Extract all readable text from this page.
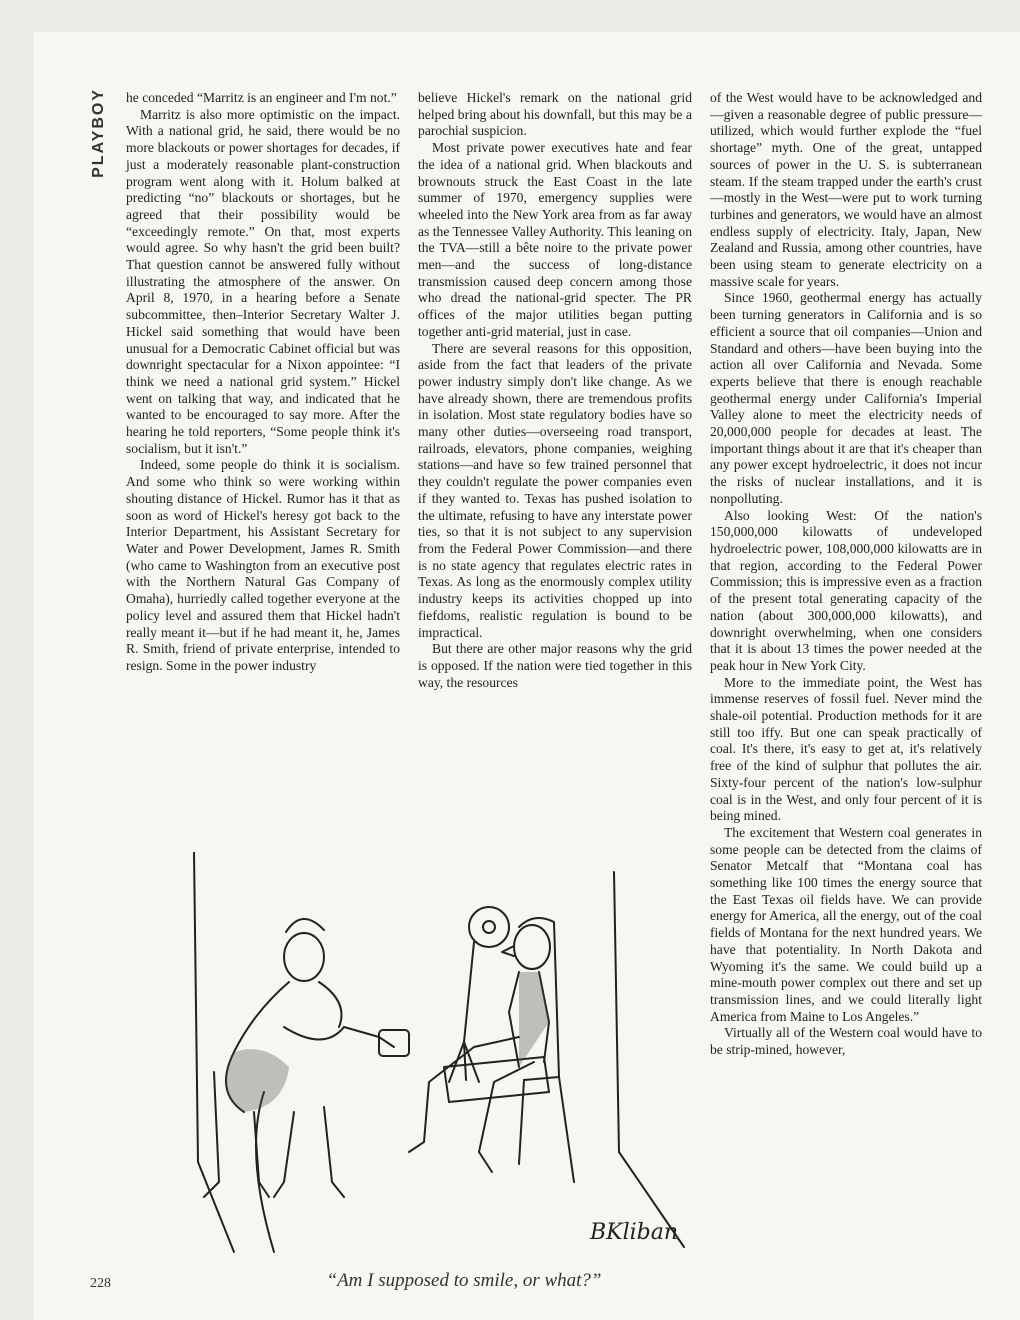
PLAYBOY he conceded “Marritz is an engineer and I'm not.”

Marritz is also more optimistic on the impact. With a national grid, he said, there would be no more blackouts or power shortages for decades, if just a moderately reasonable plant-construction program went along with it. Holum balked at predicting “no” blackouts or shortages, but he agreed that their possibility would be “exceedingly remote.” On that, most experts would agree. So why hasn't the grid been built? That question cannot be answered fully without illustrating the atmosphere of the answer. On April 8, 1970, in a hearing before a Senate subcommittee, then–Interior Secretary Walter J. Hickel said something that would have been unusual for a Democratic Cabinet official but was downright spectacular for a Nixon appointee: “I think we need a national grid system.” Hickel went on talking that way, and indicated that he wanted to be encouraged to say more. After the hearing he told reporters, “Some people think it's socialism, but it isn't.”

Indeed, some people do think it is socialism. And some who think so were working within shouting distance of Hickel. Rumor has it that as soon as word of Hickel's heresy got back to the Interior Department, his Assistant Secretary for Water and Power Development, James R. Smith (who came to Washington from an executive post with the Northern Natural Gas Company of Omaha), hurriedly called together everyone at the policy level and assured them that Hickel hadn't really meant it—but if he had meant it, he, James R. Smith, friend of private enterprise, intended to resign. Some in the power industry

believe Hickel's remark on the national grid helped bring about his downfall, but this may be a parochial suspicion.

Most private power executives hate and fear the idea of a national grid. When blackouts and brownouts struck the East Coast in the late summer of 1970, emergency supplies were wheeled into the New York area from as far away as the Tennessee Valley Authority. This leaning on the TVA—still a bête noire to the private power men—and the success of long-distance transmission caused deep concern among those who dread the national-grid specter. The PR offices of the major utilities began putting together anti-grid material, just in case.

There are several reasons for this opposition, aside from the fact that leaders of the private power industry simply don't like change. As we have already shown, there are tremendous profits in isolation. Most state regulatory bodies have so many other duties—overseeing road transport, railroads, elevators, phone companies, weighing stations—and have so few trained personnel that they couldn't regulate the power companies even if they wanted to. Texas has pushed isolation to the ultimate, refusing to have any interstate power ties, so that it is not subject to any supervision from the Federal Power Commission—and there is no state agency that regulates electric rates in Texas. As long as the enormously complex utility industry keeps its activities chopped up into fiefdoms, realistic regulation is bound to be impractical.

But there are other major reasons why the grid is opposed. If the nation were tied together in this way, the resources

of the West would have to be acknowledged and—given a reasonable degree of public pressure—utilized, which would further explode the “fuel shortage” myth. One of the great, untapped sources of power in the U. S. is subterranean steam. If the steam trapped under the earth's crust—mostly in the West—were put to work turning turbines and generators, we would have an almost endless supply of electricity. Italy, Japan, New Zealand and Russia, among other countries, have been using steam to generate electricity on a massive scale for years.

Since 1960, geothermal energy has actually been turning generators in California and is so efficient a source that oil companies—Union and Standard and others—have been buying into the action all over California and Nevada. Some experts believe that there is enough reachable geothermal energy under California's Imperial Valley alone to meet the electricity needs of 20,000,000 people for decades at least. The important things about it are that it's cheaper than any power except hydroelectric, it does not incur the risks of nuclear installations, and it is nonpolluting.

Also looking West: Of the nation's 150,000,000 kilowatts of undeveloped hydroelectric power, 108,000,000 kilowatts are in that region, according to the Federal Power Commission; this is impressive even as a fraction of the present total generating capacity of the nation (about 300,000,000 kilowatts), and downright overwhelming, when one considers that it is about 13 times the power needed at the peak hour in New York City.

More to the immediate point, the West has immense reserves of fossil fuel. Never mind the shale-oil potential. Production methods for it are still too iffy. But one can speak practically of coal. It's there, it's easy to get at, it's relatively free of the kind of sulphur that pollutes the air. Sixty-four percent of the nation's low-sulphur coal is in the West, and only four percent of it is being mined.

The excitement that Western coal generates in some people can be detected from the claims of Senator Metcalf that “Montana coal has something like 100 times the energy source that the East Texas oil fields have. We can provide energy for America, all the energy, out of the coal fields of Montana for the next hundred years. We have that potentiality. In North Dakota and Wyoming it's the same. We could build up a mine-mouth power complex out there and set up transmission lines, and we could literally light America from Maine to Los Angeles.”

Virtually all of the Western coal would have to be strip-mined, however,

BKliban
“Am I supposed to smile, or what?”
228
